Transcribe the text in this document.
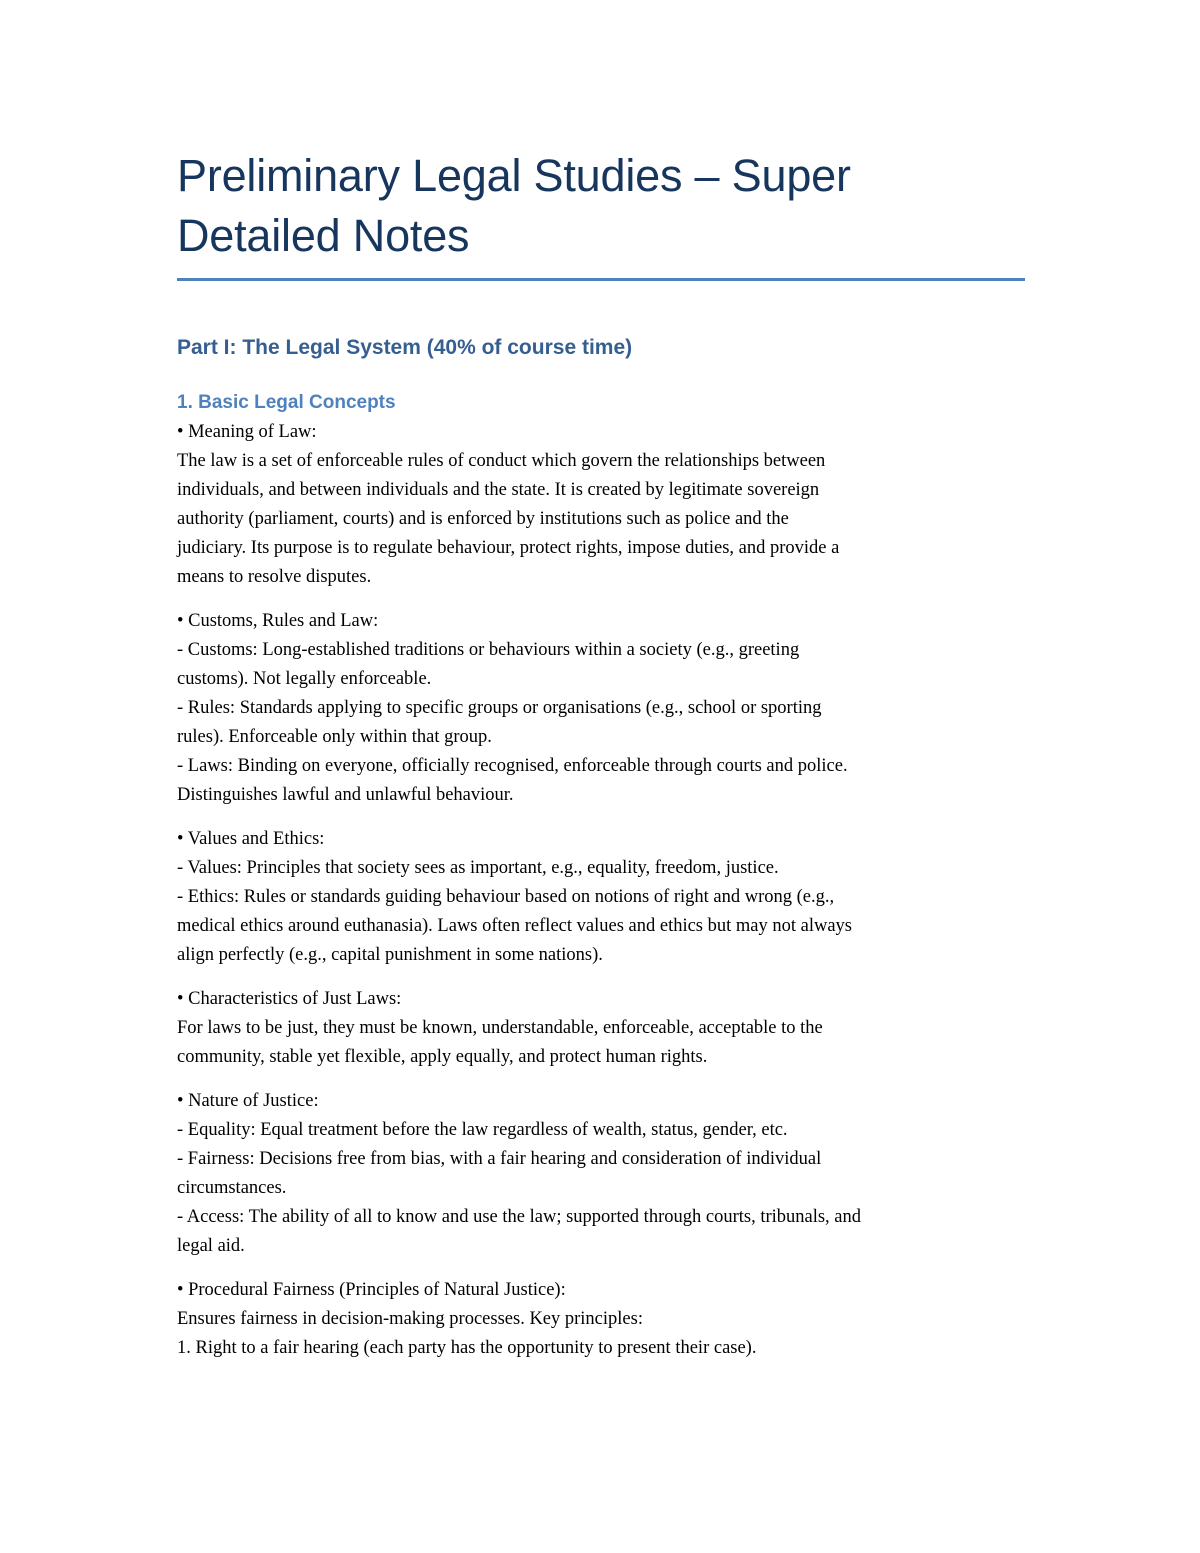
Preliminary Legal Studies – Super
Detailed Notes
Part I: The Legal System (40% of course time)
1. Basic Legal Concepts

• Meaning of Law:

The law is a set of enforceable rules of conduct which govern the relationships between

individuals, and between individuals and the state. It is created by legitimate sovereign

authority (parliament, courts) and is enforced by institutions such as police and the

judiciary. Its purpose is to regulate behaviour, protect rights, impose duties, and provide a

means to resolve disputes.

• Customs, Rules and Law:

- Customs: Long-established traditions or behaviours within a society (e.g., greeting

customs). Not legally enforceable.

- Rules: Standards applying to specific groups or organisations (e.g., school or sporting

rules). Enforceable only within that group.

- Laws: Binding on everyone, officially recognised, enforceable through courts and police.

Distinguishes lawful and unlawful behaviour.

• Values and Ethics:

- Values: Principles that society sees as important, e.g., equality, freedom, justice.

- Ethics: Rules or standards guiding behaviour based on notions of right and wrong (e.g.,

medical ethics around euthanasia). Laws often reflect values and ethics but may not always

align perfectly (e.g., capital punishment in some nations).

• Characteristics of Just Laws:

For laws to be just, they must be known, understandable, enforceable, acceptable to the

community, stable yet flexible, apply equally, and protect human rights.

• Nature of Justice:

- Equality: Equal treatment before the law regardless of wealth, status, gender, etc.

- Fairness: Decisions free from bias, with a fair hearing and consideration of individual

circumstances.

- Access: The ability of all to know and use the law; supported through courts, tribunals, and

legal aid.

• Procedural Fairness (Principles of Natural Justice):

Ensures fairness in decision-making processes. Key principles:

1. Right to a fair hearing (each party has the opportunity to present their case).
